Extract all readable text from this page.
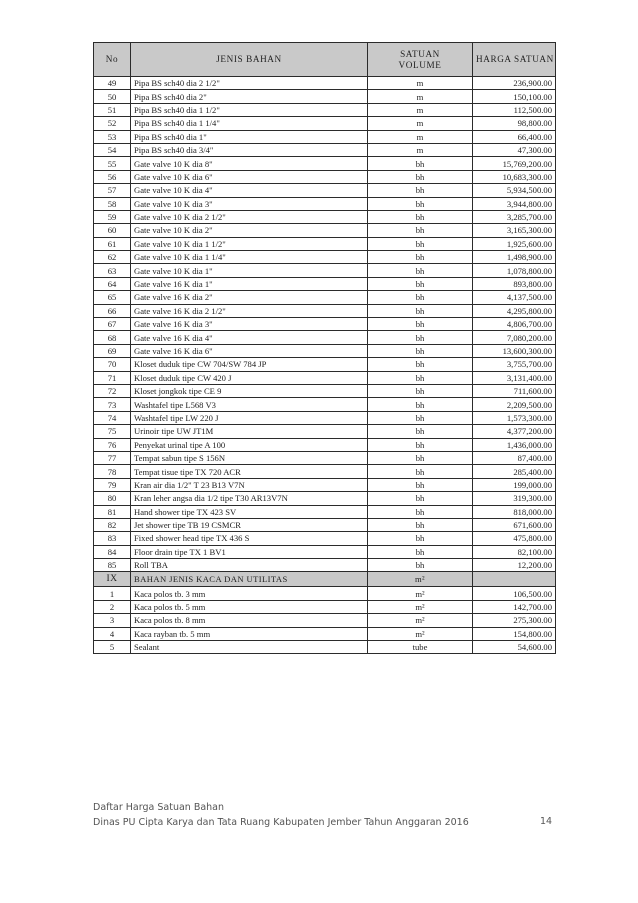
No	JENIS BAHAN	SATUAN
VOLUME	HARGA SATUAN
49	Pipa BS sch40 dia 2 1/2"	m	236,900.00
50	Pipa BS sch40 dia 2"	m	150,100.00
51	Pipa BS sch40 dia 1 1/2"	m	112,500.00
52	Pipa BS sch40 dia 1 1/4"	m	98,800.00
53	Pipa BS sch40 dia 1"	m	66,400.00
54	Pipa BS sch40 dia 3/4"	m	47,300.00
55	Gate valve 10 K dia 8"	bh	15,769,200.00
56	Gate valve 10 K dia 6"	bh	10,683,300.00
57	Gate valve 10 K dia 4"	bh	5,934,500.00
58	Gate valve 10 K dia 3"	bh	3,944,800.00
59	Gate valve 10 K dia 2 1/2"	bh	3,285,700.00
60	Gate valve 10 K dia 2"	bh	3,165,300.00
61	Gate valve 10 K dia 1 1/2"	bh	1,925,600.00
62	Gate valve 10 K dia 1 1/4"	bh	1,498,900.00
63	Gate valve 10 K dia 1"	bh	1,078,800.00
64	Gate valve 16 K dia 1"	bh	893,800.00
65	Gate valve 16 K dia 2"	bh	4,137,500.00
66	Gate valve 16 K dia 2 1/2"	bh	4,295,800.00
67	Gate valve 16 K dia 3"	bh	4,806,700.00
68	Gate valve 16 K dia 4"	bh	7,080,200.00
69	Gate valve 16 K dia 6"	bh	13,600,300.00
70	Kloset duduk tipe CW 704/SW 784 JP	bh	3,755,700.00
71	Kloset duduk tipe CW 420 J	bh	3,131,400.00
72	Kloset jongkok tipe CE 9	bh	711,600.00
73	Washtafel tipe L568 V3	bh	2,209,500.00
74	Washtafel tipe LW 220 J	bh	1,573,300.00
75	Urinoir tipe UW JT1M	bh	4,377,200.00
76	Penyekat urinal tipe A 100	bh	1,436,000.00
77	Tempat sabun tipe S 156N	bh	87,400.00
78	Tempat tisue tipe TX 720 ACR	bh	285,400.00
79	Kran air dia 1/2" T 23 B13 V7N	bh	199,000.00
80	Kran leher angsa dia 1/2 tipe T30 AR13V7N	bh	319,300.00
81	Hand shower tipe TX 423 SV	bh	818,000.00
82	Jet shower tipe TB 19 CSMCR	bh	671,600.00
83	Fixed shower head tipe TX 436 S	bh	475,800.00
84	Floor drain tipe TX 1 BV1	bh	82,100.00
85	Roll TBA	bh	12,200.00
IX	BAHAN JENIS KACA DAN UTILITAS	m²	
1	Kaca polos tb. 3 mm	m²	106,500.00
2	Kaca polos tb. 5 mm	m²	142,700.00
3	Kaca polos tb. 8 mm	m²	275,300.00
4	Kaca rayban tb. 5 mm	m²	154,800.00
5	Sealant	tube	54,600.00
Daftar Harga Satuan Bahan
Dinas PU Cipta Karya dan Tata Ruang Kabupaten Jember Tahun Anggaran 2016	14
